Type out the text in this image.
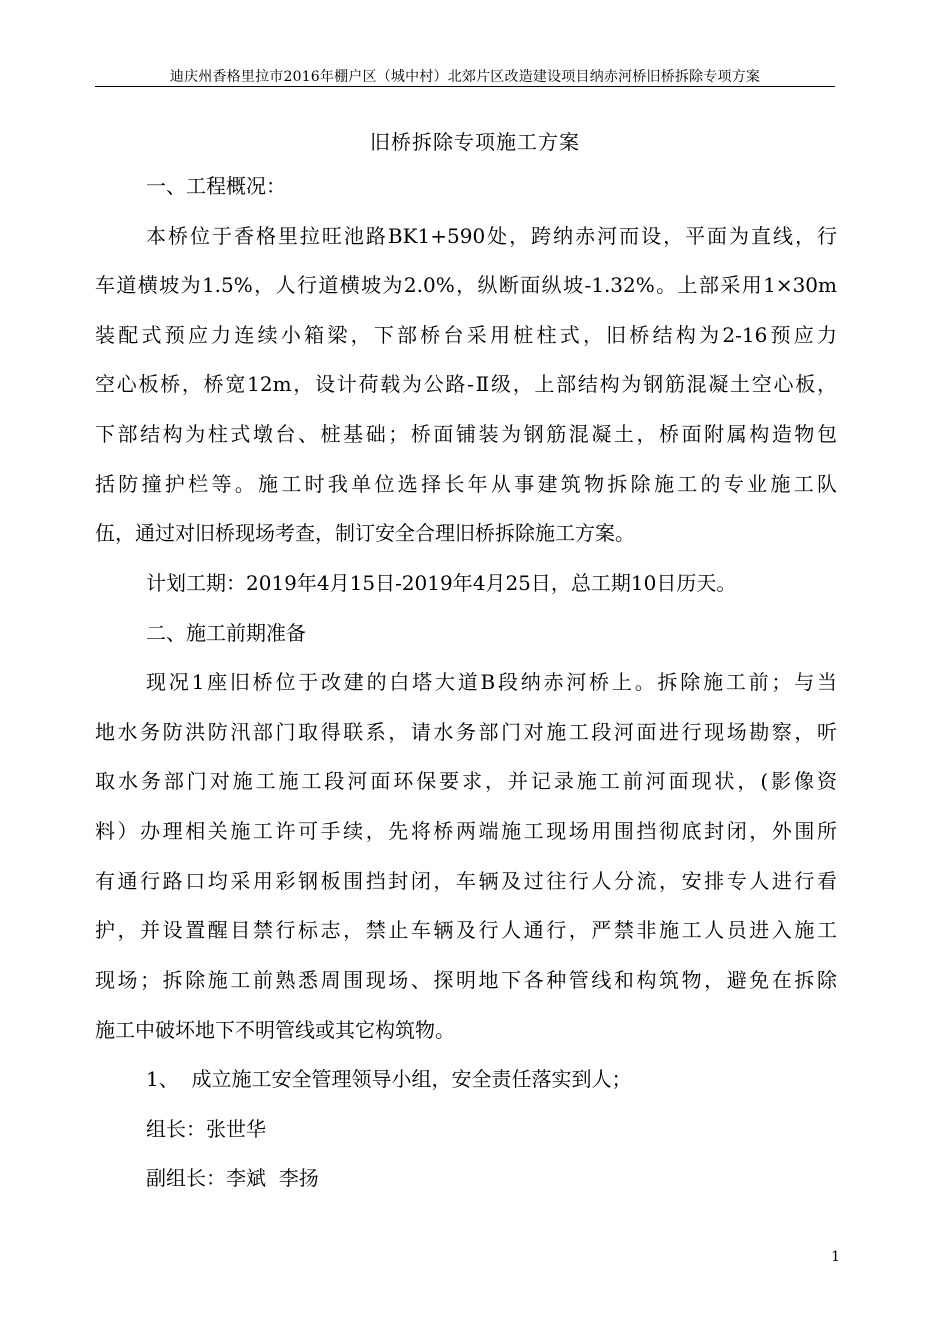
迪庆州香格里拉市2016年棚户区（城中村）北郊片区改造建设项目纳赤河桥旧桥拆除专项方案
旧桥拆除专项施工方案
一、工程概况：
本桥位于香格里拉旺池路BK1+590处，跨纳赤河而设，平面为直线，行
车道横坡为1.5%，人行道横坡为2.0%，纵断面纵坡-1.32%。上部采用1×30m
装配式预应力连续小箱梁，下部桥台采用桩柱式，旧桥结构为2-16预应力
空心板桥，桥宽12m，设计荷载为公路-Ⅱ级，上部结构为钢筋混凝土空心板，
下部结构为柱式墩台、桩基础；桥面铺装为钢筋混凝土，桥面附属构造物包
括防撞护栏等。施工时我单位选择长年从事建筑物拆除施工的专业施工队
伍，通过对旧桥现场考查，制订安全合理旧桥拆除施工方案。
计划工期：2019年4月15日-2019年4月25日，总工期10日历天。
二、施工前期准备
现况1座旧桥位于改建的白塔大道B段纳赤河桥上。拆除施工前；与当
地水务防洪防汛部门取得联系，请水务部门对施工段河面进行现场勘察，听
取水务部门对施工施工段河面环保要求，并记录施工前河面现状，(影像资
料）办理相关施工许可手续，先将桥两端施工现场用围挡彻底封闭，外围所
有通行路口均采用彩钢板围挡封闭，车辆及过往行人分流，安排专人进行看
护，并设置醒目禁行标志，禁止车辆及行人通行，严禁非施工人员进入施工
现场；拆除施工前熟悉周围现场、探明地下各种管线和构筑物，避免在拆除
施工中破坏地下不明管线或其它构筑物。
1、  成立施工安全管理领导小组，安全责任落实到人；
组长：张世华
副组长：李斌  李扬
1
